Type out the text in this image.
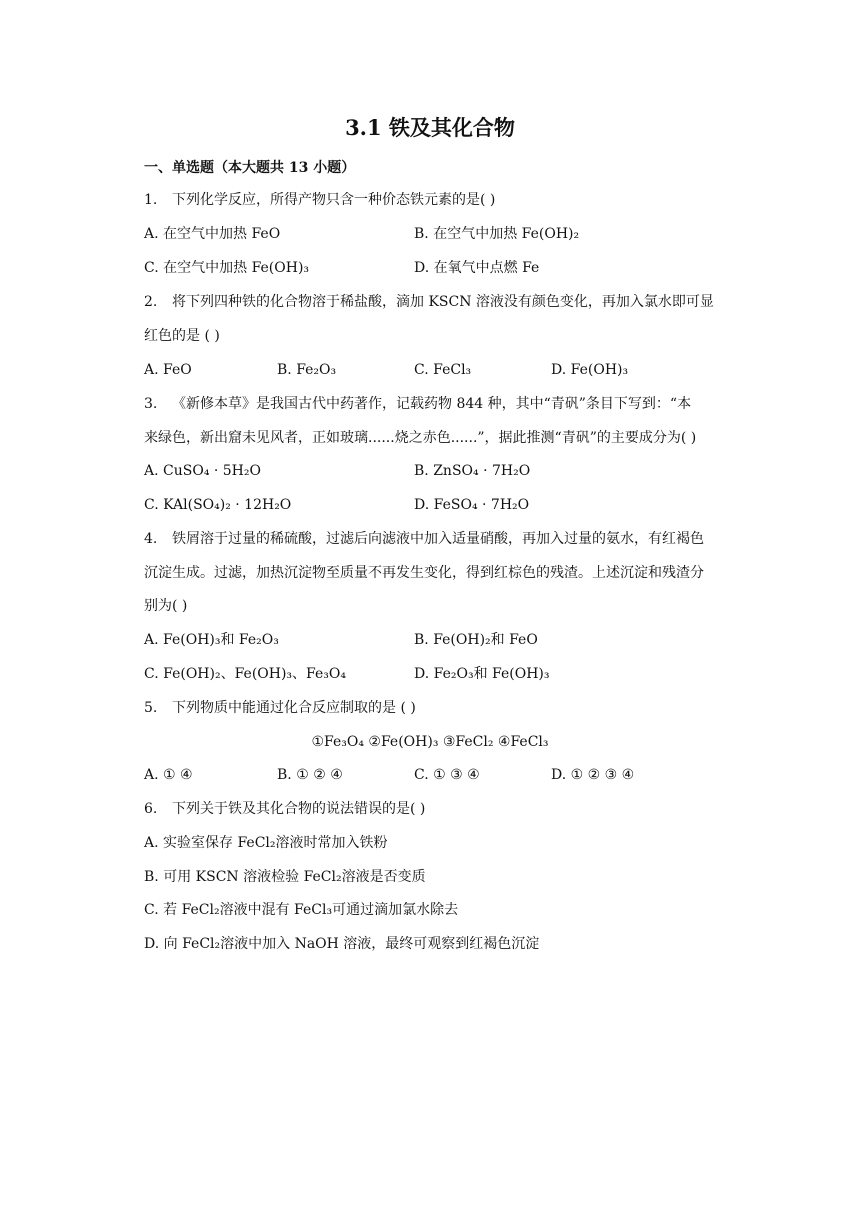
3.1 铁及其化合物
一、单选题（本大题共 13 小题）
1. 下列化学反应，所得产物只含一种价态铁元素的是( )
A. 在空气中加热 FeO	B. 在空气中加热 Fe(OH)₂
C. 在空气中加热 Fe(OH)₃	D. 在氧气中点燃 Fe
2. 将下列四种铁的化合物溶于稀盐酸，滴加 KSCN 溶液没有颜色变化，再加入氯水即可显
红色的是 ( )
A. FeO	B. Fe₂O₃	C. FeCl₃	D. Fe(OH)₃
3. 《新修本草》是我国古代中药著作，记载药物 844 种，其中“青矾”条目下写到：“本
来绿色，新出窟未见风者，正如玻璃......烧之赤色......”，据此推测“青矾”的主要成分为( )
A. CuSO₄ · 5H₂O	B. ZnSO₄ · 7H₂O
C. KAl(SO₄)₂ · 12H₂O	D. FeSO₄ · 7H₂O
4. 铁屑溶于过量的稀硫酸，过滤后向滤液中加入适量硝酸，再加入过量的氨水，有红褐色
沉淀生成。过滤，加热沉淀物至质量不再发生变化，得到红棕色的残渣。上述沉淀和残渣分
别为( )
A. Fe(OH)₃和 Fe₂O₃	B. Fe(OH)₂和 FeO
C. Fe(OH)₂、Fe(OH)₃、Fe₃O₄	D. Fe₂O₃和 Fe(OH)₃
5. 下列物质中能通过化合反应制取的是 ( )
①Fe₃O₄ ②Fe(OH)₃ ③FeCl₂ ④FeCl₃
A. ① ④	B. ① ② ④	C. ① ③ ④	D. ① ② ③ ④
6. 下列关于铁及其化合物的说法错误的是( )
A. 实验室保存 FeCl₂溶液时常加入铁粉
B. 可用 KSCN 溶液检验 FeCl₂溶液是否变质
C. 若 FeCl₂溶液中混有 FeCl₃可通过滴加氯水除去
D. 向 FeCl₂溶液中加入 NaOH 溶液，最终可观察到红褐色沉淀
